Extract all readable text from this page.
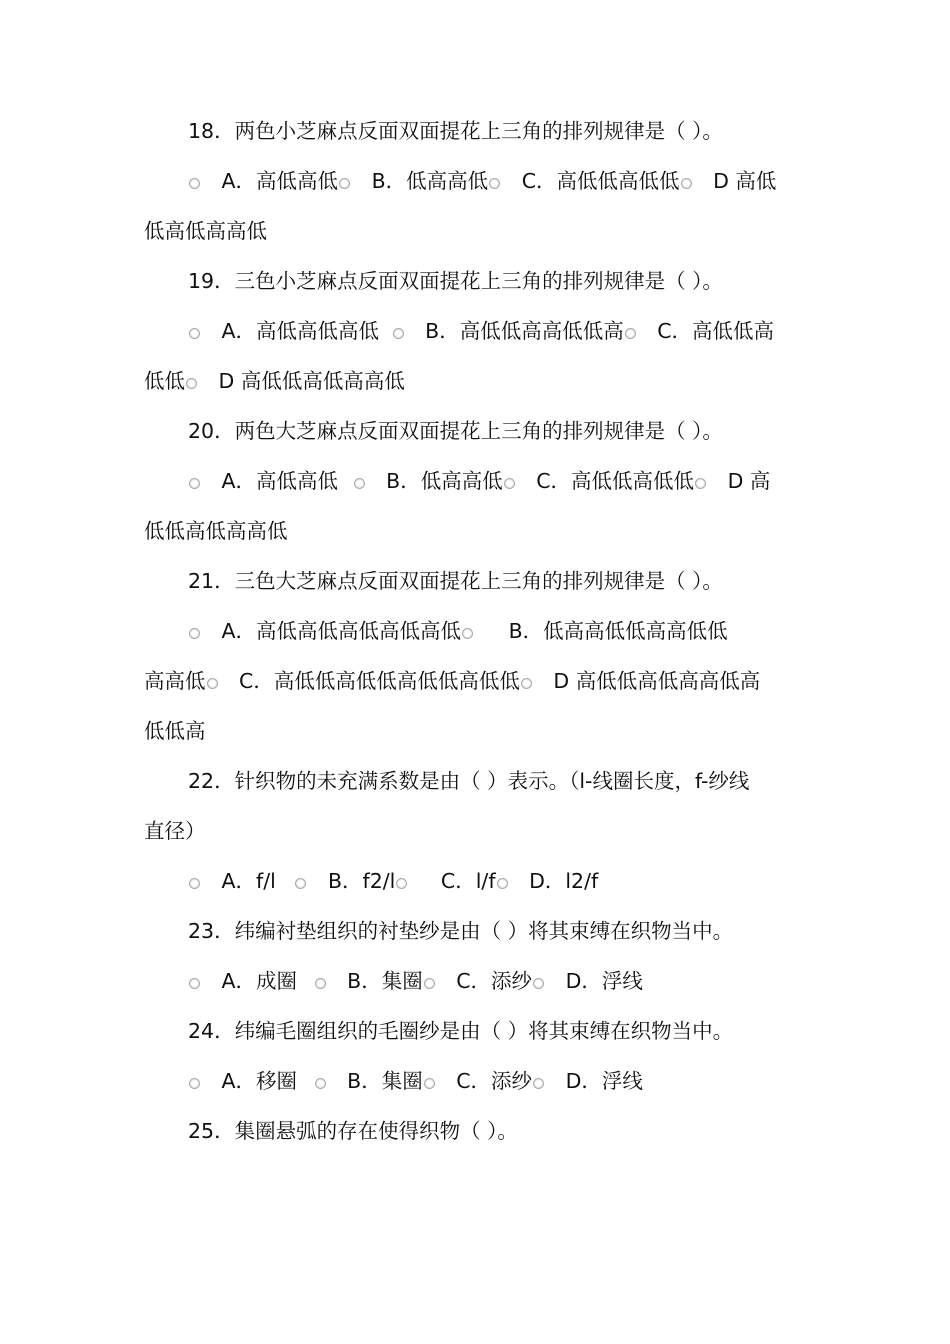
18．两色小芝麻点反面双面提花上三角的排列规律是（ ）。
A．高低高低 B．低高高低 C．高低低高低低 D 高低
低高低高高低
19．三色小芝麻点反面双面提花上三角的排列规律是（ ）。
A．高低高低高低 B．高低低高高低低高 C．高低低高
低低 D 高低低高低高高低
20．两色大芝麻点反面双面提花上三角的排列规律是（ ）。
A．高低高低 B．低高高低 C．高低低高低低 D 高
低低高低高高低
21．三色大芝麻点反面双面提花上三角的排列规律是（ ）。
A．高低高低高低高低高低 B．低高高低低高高低低
高高低 C．高低低高低低高低低高低低 D 高低低高低高高低高
低低高
22．针织物的未充满系数是由（ ）表示。（l-线圈长度，f-纱线
直径）
A．f/l	B．f2/l C．l/f D．l2/f
23．纬编衬垫组织的衬垫纱是由（ ）将其束缚在织物当中。
A．成圈 B．集圈 C．添纱 D．浮线
24．纬编毛圈组织的毛圈纱是由（ ）将其束缚在织物当中。
A．移圈 B．集圈 C．添纱 D．浮线
25．集圈悬弧的存在使得织物（ ）。
